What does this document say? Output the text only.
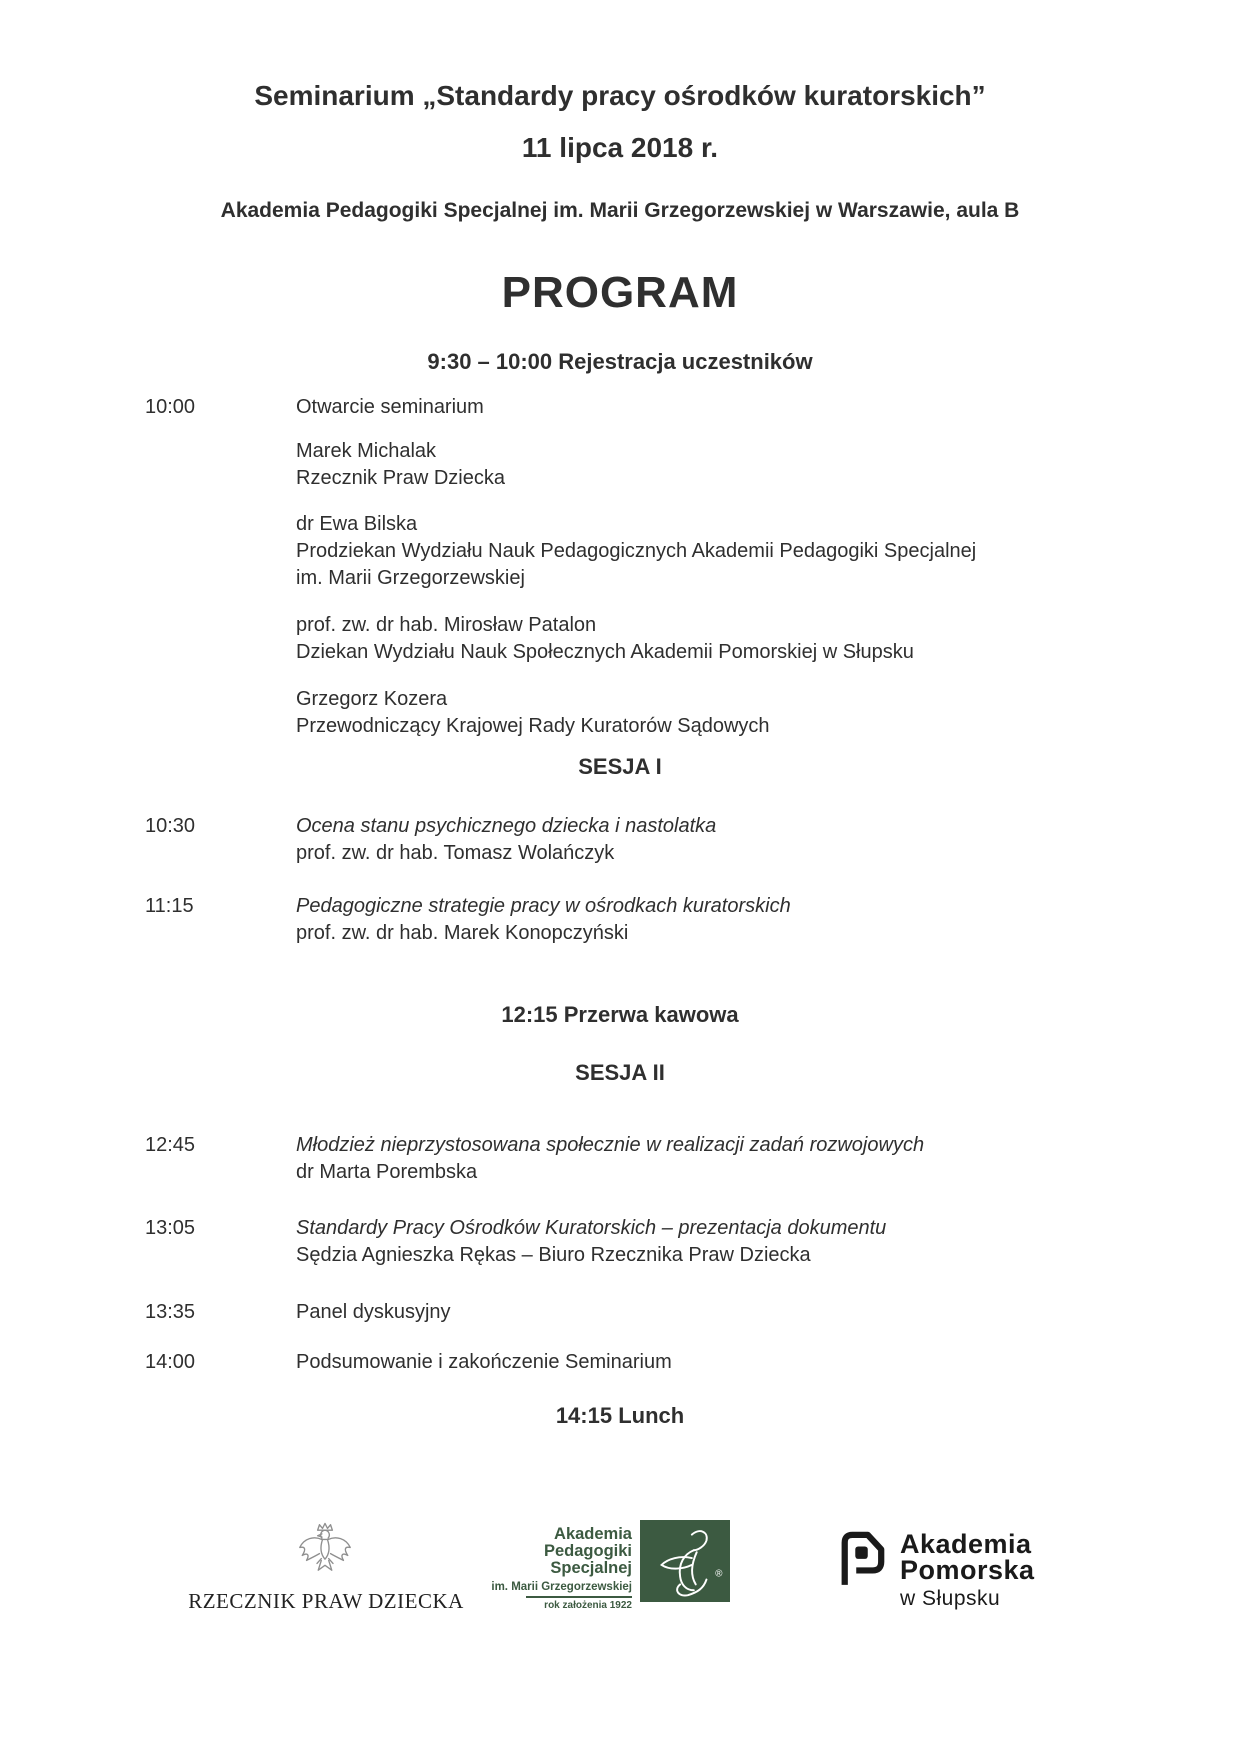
Seminarium „Standardy pracy ośrodków kuratorskich”
11 lipca 2018 r.
Akademia Pedagogiki Specjalnej im. Marii Grzegorzewskiej w Warszawie, aula B
PROGRAM
9:30 – 10:00 Rejestracja uczestników
10:00	Otwarcie seminarium
Marek Michalak
Rzecznik Praw Dziecka
dr Ewa Bilska
Prodziekan Wydziału Nauk Pedagogicznych Akademii Pedagogiki Specjalnej
im. Marii Grzegorzewskiej
prof. zw. dr hab. Mirosław Patalon
Dziekan Wydziału Nauk Społecznych Akademii Pomorskiej w Słupsku
Grzegorz Kozera
Przewodniczący Krajowej Rady Kuratorów Sądowych
SESJA I
10:30	Ocena stanu psychicznego dziecka i nastolatka
prof. zw. dr hab. Tomasz Wolańczyk
11:15	Pedagogiczne strategie pracy w ośrodkach kuratorskich
prof. zw. dr hab. Marek Konopczyński
12:15 Przerwa kawowa
SESJA II
12:45	Młodzież nieprzystosowana społecznie w realizacji zadań rozwojowych
dr Marta Porembska
13:05	Standardy Pracy Ośrodków Kuratorskich – prezentacja dokumentu
Sędzia Agnieszka Rękas – Biuro Rzecznika Praw Dziecka
13:35	Panel dyskusyjny
14:00	Podsumowanie i zakończenie Seminarium
14:15 Lunch
RZECZNIK PRAW DZIECKA
Akademia
Pedagogiki
Specjalnej
im. Marii Grzegorzewskiej
rok założenia 1922
®
Akademia
Pomorska
w Słupsku
